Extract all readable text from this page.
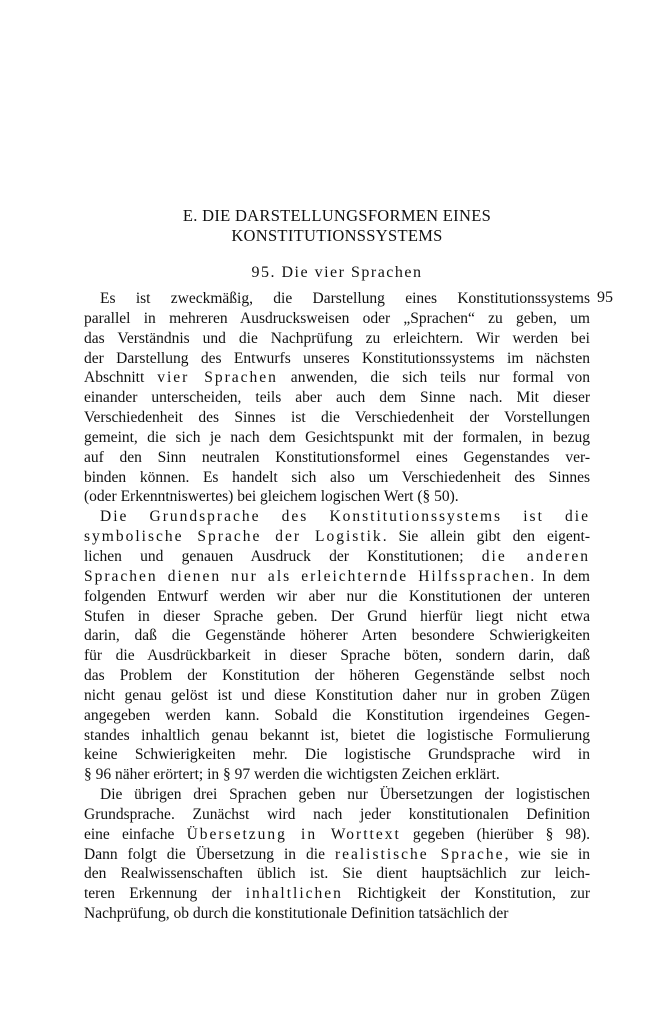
E. DIE DARSTELLUNGSFORMEN EINES
KONSTITUTIONSSYSTEMS
95. Die vier Sprachen
95
Es ist zweckmäßig, die Darstellung eines Konstitutionssystems
parallel in mehreren Ausdrucksweisen oder „Sprachen“ zu geben, um
das Verständnis und die Nachprüfung zu erleichtern. Wir werden bei
der Darstellung des Entwurfs unseres Konstitutionssystems im nächsten
Abschnitt vier Sprachen anwenden, die sich teils nur formal von
einander unterscheiden, teils aber auch dem Sinne nach. Mit dieser
Verschiedenheit des Sinnes ist die Verschiedenheit der Vorstellungen
gemeint, die sich je nach dem Gesichtspunkt mit der formalen, in bezug
auf den Sinn neutralen Konstitutionsformel eines Gegenstandes ver-
binden können. Es handelt sich also um Verschiedenheit des Sinnes
(oder Erkenntniswertes) bei gleichem logischen Wert (§ 50).
Die Grundsprache des Konstitutionssystems ist die
symbolische Sprache der Logistik. Sie allein gibt den eigent-
lichen und genauen Ausdruck der Konstitutionen; die anderen
Sprachen dienen nur als erleichternde Hilfssprachen. In dem
folgenden Entwurf werden wir aber nur die Konstitutionen der unteren
Stufen in dieser Sprache geben. Der Grund hierfür liegt nicht etwa
darin, daß die Gegenstände höherer Arten besondere Schwierigkeiten
für die Ausdrückbarkeit in dieser Sprache böten, sondern darin, daß
das Problem der Konstitution der höheren Gegenstände selbst noch
nicht genau gelöst ist und diese Konstitution daher nur in groben Zügen
angegeben werden kann. Sobald die Konstitution irgendeines Gegen-
standes inhaltlich genau bekannt ist, bietet die logistische Formulierung
keine Schwierigkeiten mehr. Die logistische Grundsprache wird in
§ 96 näher erörtert; in § 97 werden die wichtigsten Zeichen erklärt.
Die übrigen drei Sprachen geben nur Übersetzungen der logistischen
Grundsprache. Zunächst wird nach jeder konstitutionalen Definition
eine einfache Übersetzung in Worttext gegeben (hierüber § 98).
Dann folgt die Übersetzung in die realistische Sprache, wie sie in
den Realwissenschaften üblich ist. Sie dient hauptsächlich zur leich-
teren Erkennung der inhaltlichen Richtigkeit der Konstitution, zur
Nachprüfung, ob durch die konstitutionale Definition tatsächlich der
